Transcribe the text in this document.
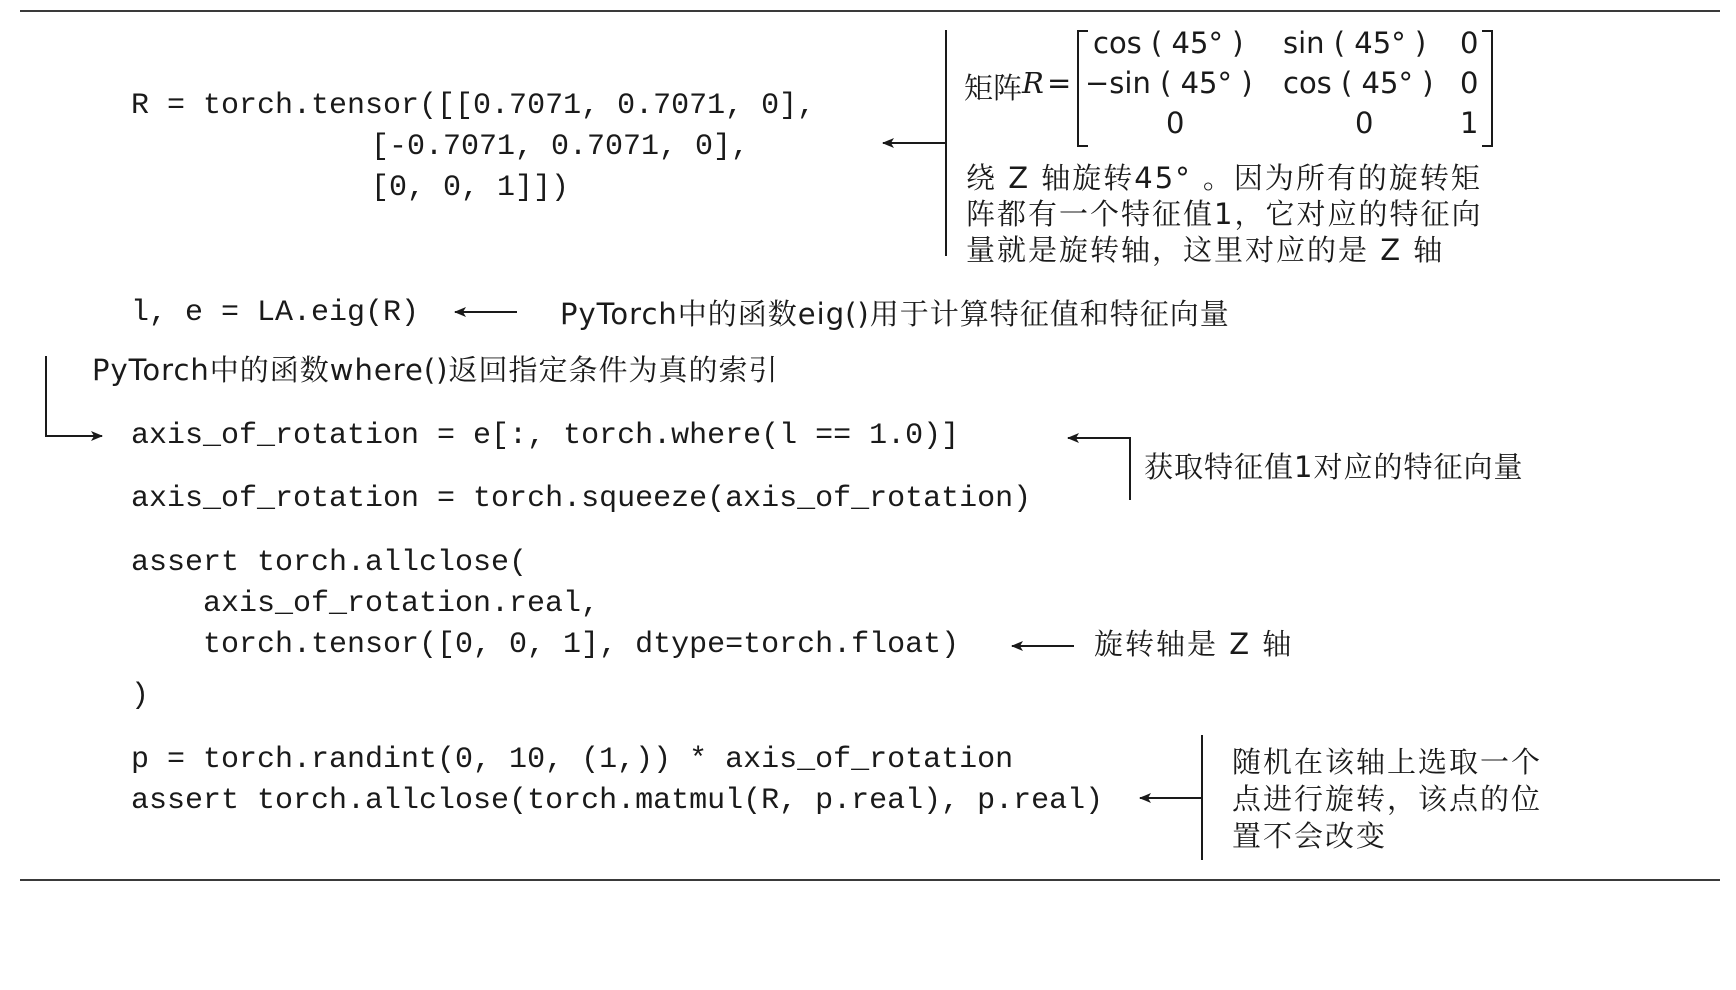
R = torch.tensor([[0.7071, 0.7071, 0],
[-0.7071, 0.7071, 0],
[0, 0, 1]])
l, e = LA.eig(R)
axis_of_rotation = e[:, torch.where(l == 1.0)]
axis_of_rotation = torch.squeeze(axis_of_rotation)
assert torch.allclose(
axis_of_rotation.real,
torch.tensor([0, 0, 1], dtype=torch.float)
)
p = torch.randint(0, 10, (1,)) * axis_of_rotation
assert torch.allclose(torch.matmul(R, p.real), p.real)
矩阵 R =
cos ( 45° ) sin ( 45° ) 0
−sin ( 45° ) cos ( 45° ) 0
0	0	1
绕 Z 轴旋转45° 。因为所有的旋转矩
阵都有一个特征值1，它对应的特征向
量就是旋转轴，这里对应的是 Z 轴
PyTorch中的函数eig()用于计算特征值和特征向量
PyTorch中的函数where()返回指定条件为真的索引
获取特征值1对应的特征向量
旋转轴是 Z 轴
随机在该轴上选取一个
点进行旋转，该点的位
置不会改变
